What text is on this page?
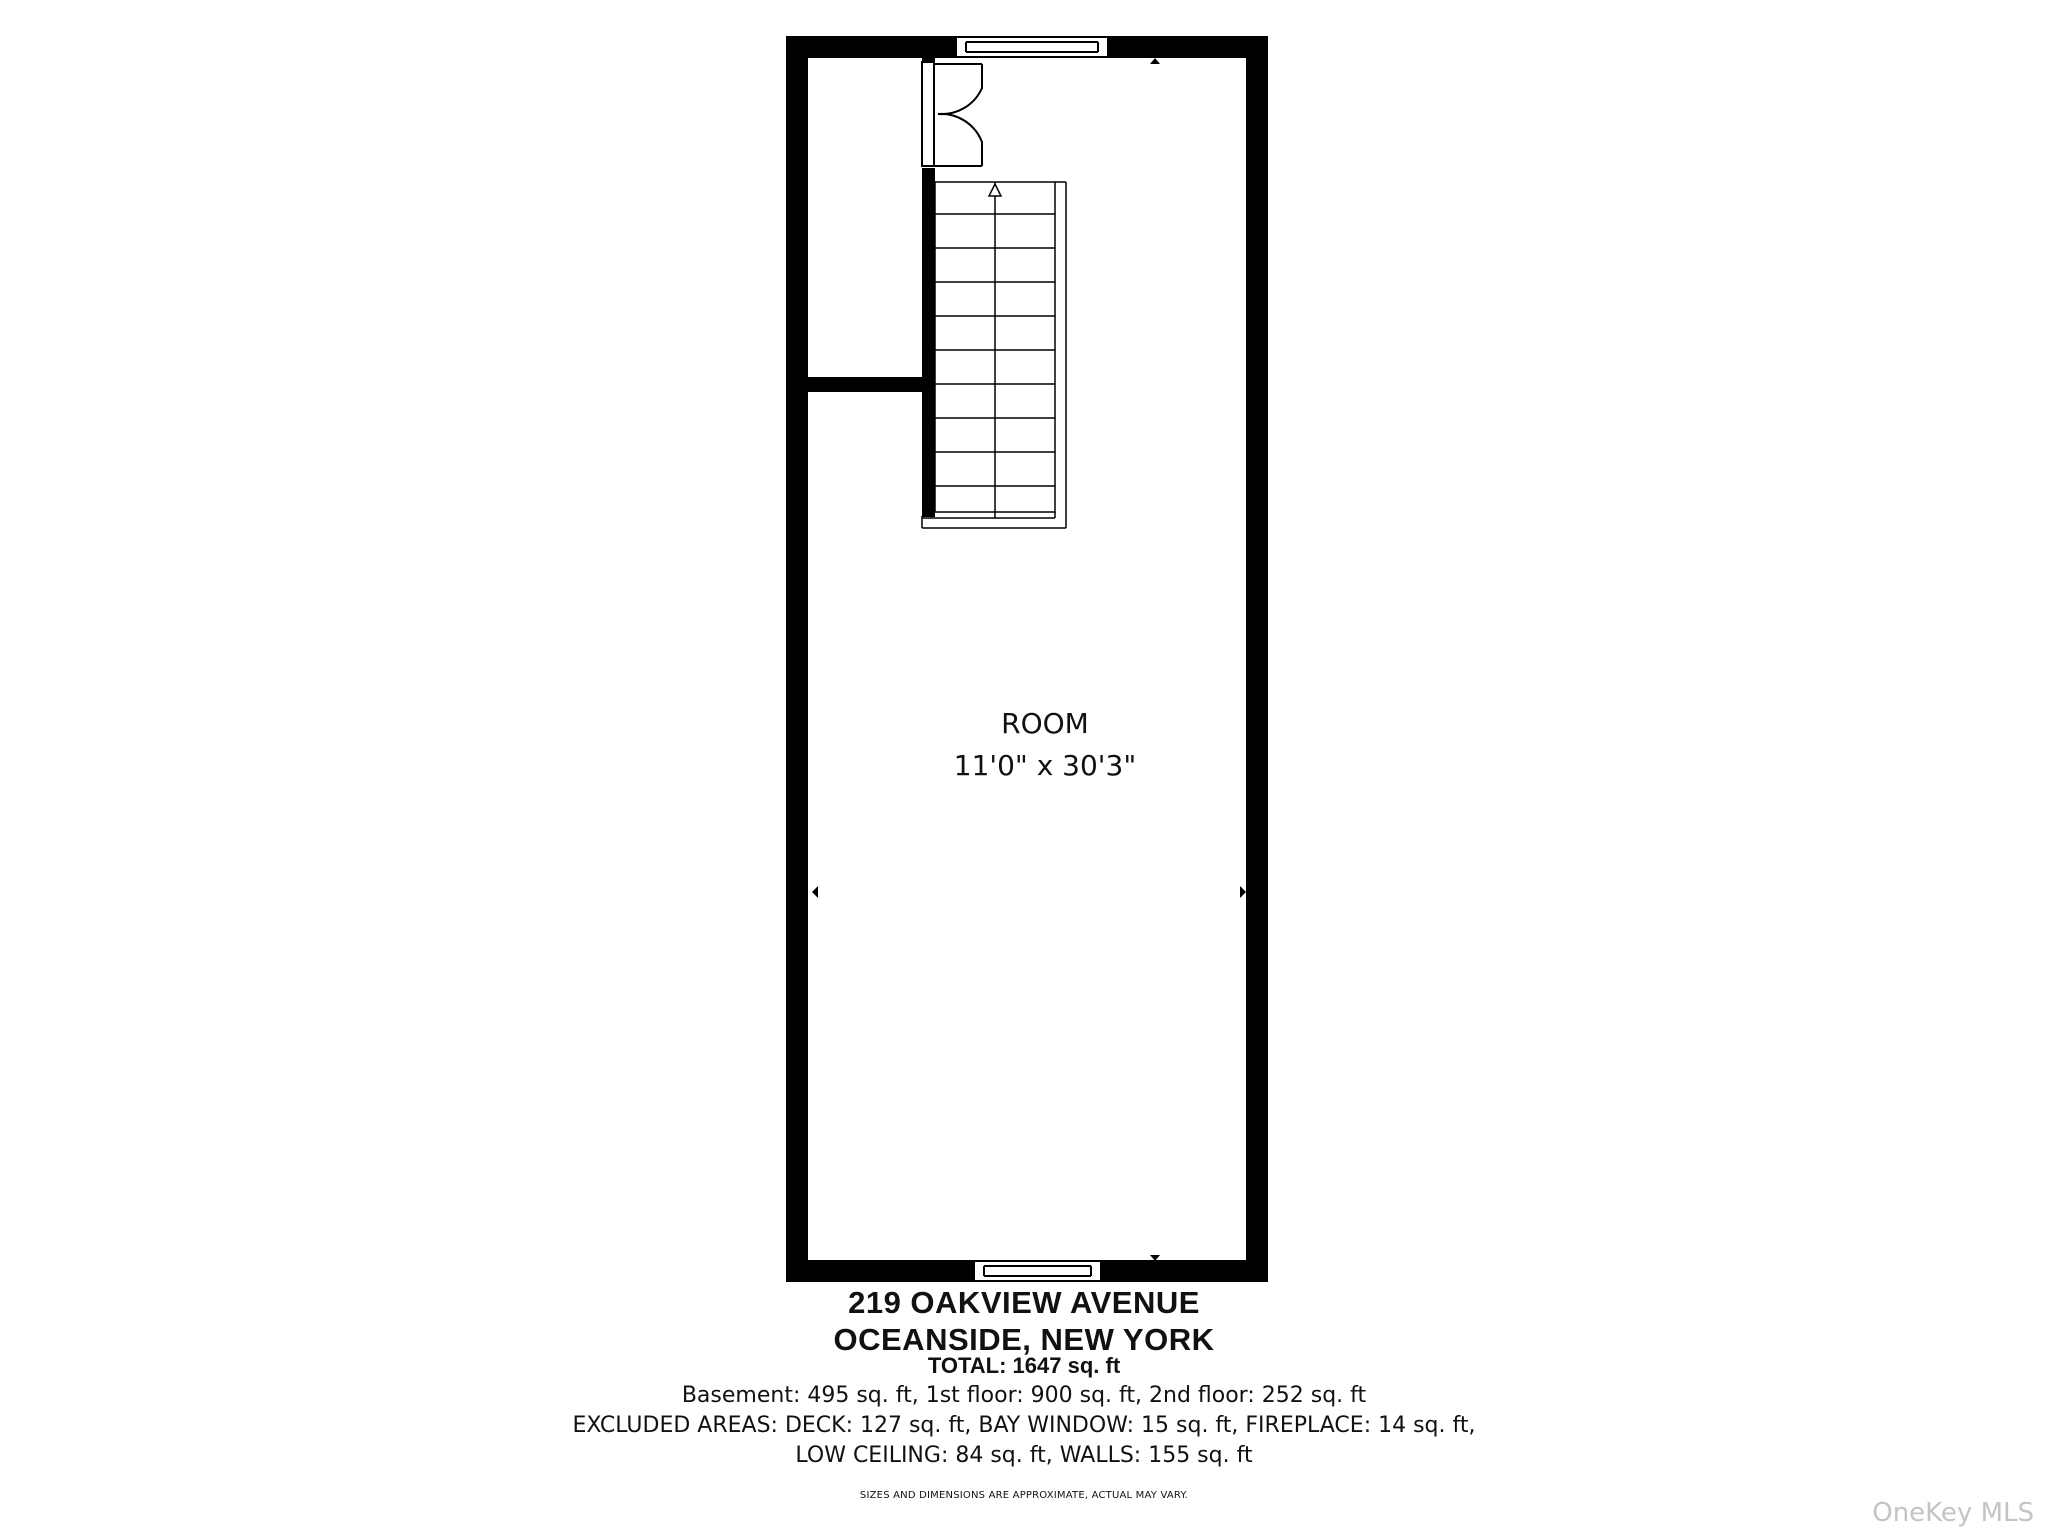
ROOM
11'0" x 30'3"
219 OAKVIEW AVENUE
OCEANSIDE, NEW YORK
TOTAL: 1647 sq. ft
Basement: 495 sq. ft, 1st floor: 900 sq. ft, 2nd floor: 252 sq. ft
EXCLUDED AREAS: DECK: 127 sq. ft, BAY WINDOW: 15 sq. ft, FIREPLACE: 14 sq. ft,
LOW CEILING: 84 sq. ft, WALLS: 155 sq. ft
SIZES AND DIMENSIONS ARE APPROXIMATE, ACTUAL MAY VARY.
OneKey MLS
